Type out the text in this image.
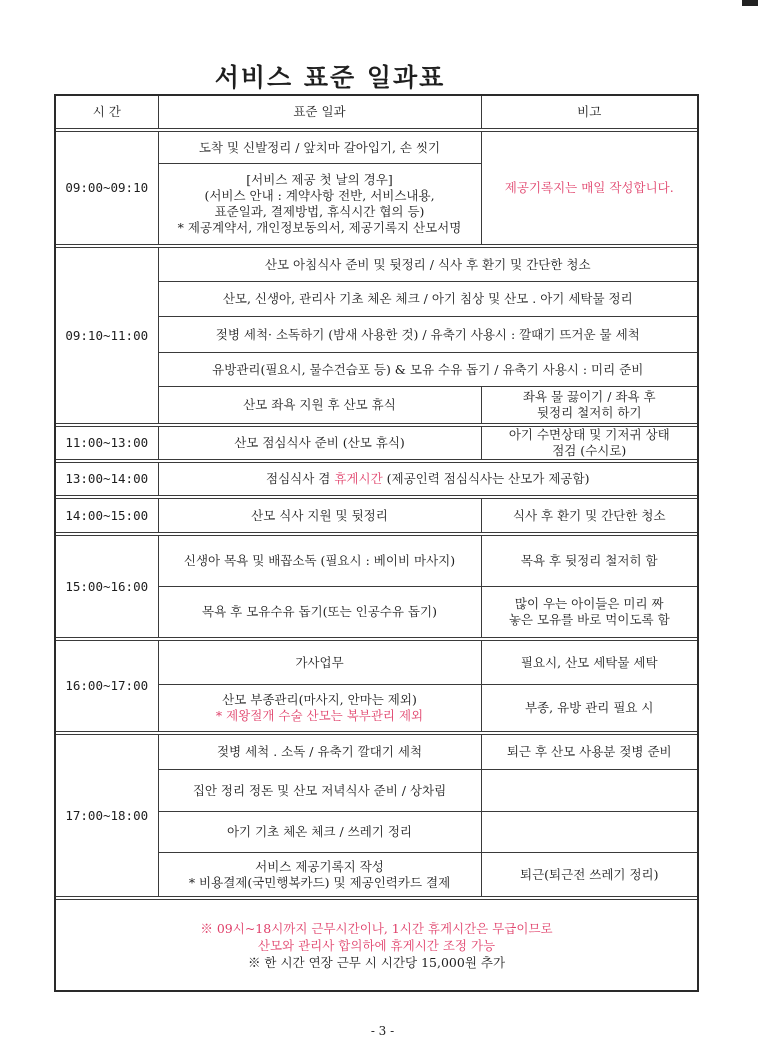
서비스 표준 일과표
시 간	표준 일과	비고

09:00~09:10	도착 및 신발정리 / 앞치마 갈아입기, 손 씻기	제공기록지는 매일 작성합니다.

	[서비스 제공 첫 날의 경우]
(서비스 안내 : 계약사항 전반, 서비스내용,
표준일과, 결제방법, 휴식시간 협의 등)
* 제공계약서, 개인정보동의서, 제공기록지 산모서명	

09:10~11:00	산모 아침식사 준비 및 뒷정리 / 식사 후 환기 및 간단한 청소	
	산모, 신생아, 관리사 기초 체온 체크 / 아기 침상 및 산모 . 아기 세탁물 정리	
	젖병 세척· 소독하기 (밤새 사용한 것) / 유축기 사용시 : 깔때기 뜨거운 물 세척	
	유방관리(필요시, 물수건습포 등) & 모유 수유 돕기 / 유축기 사용시 : 미리 준비	
	산모 좌욕 지원 후 산모 휴식	좌욕 물 끓이기 / 좌욕 후
뒷정리 철저히 하기

11:00~13:00	산모 점심식사 준비 (산모 휴식)	아기 수면상태 및 기저귀 상태
점검 (수시로)

13:00~14:00	점심식사 겸 휴게시간 (제공인력 점심식사는 산모가 제공함)	

14:00~15:00	산모 식사 지원 및 뒷정리	식사 후 환기 및 간단한 청소

15:00~16:00	신생아 목욕 및 배꼽소독 (필요시 : 베이비 마사지)	목욕 후 뒷정리 철저히 함
	목욕 후 모유수유 돕기(또는 인공수유 돕기)	많이 우는 아이들은 미리 짜
놓은 모유를 바로 먹이도록 함

16:00~17:00	가사업무	필요시, 산모 세탁물 세탁

	산모 부종관리(마사지, 안마는 제외)
* 제왕절개 수술 산모는 복부관리 제외	부종, 유방 관리 필요 시

17:00~18:00	젖병 세척 . 소독 / 유축기 깔대기 세척	퇴근 후 산모 사용분 젖병 준비
	집안 정리 정돈 및 산모 저녁식사 준비 / 상차림	
	아기 기초 체온 체크 / 쓰레기 정리	

	서비스 제공기록지 작성
* 비용결제(국민행복카드) 및 제공인력카드 결제	퇴근(퇴근전 쓰레기 정리)

※ 09시~18시까지 근무시간이나, 1시간 휴게시간은 무급이므로
산모와 관리사 합의하에 휴게시간 조정 가능
※ 한 시간 연장 근무 시 시간당 15,000원 추가		
- 3 -
